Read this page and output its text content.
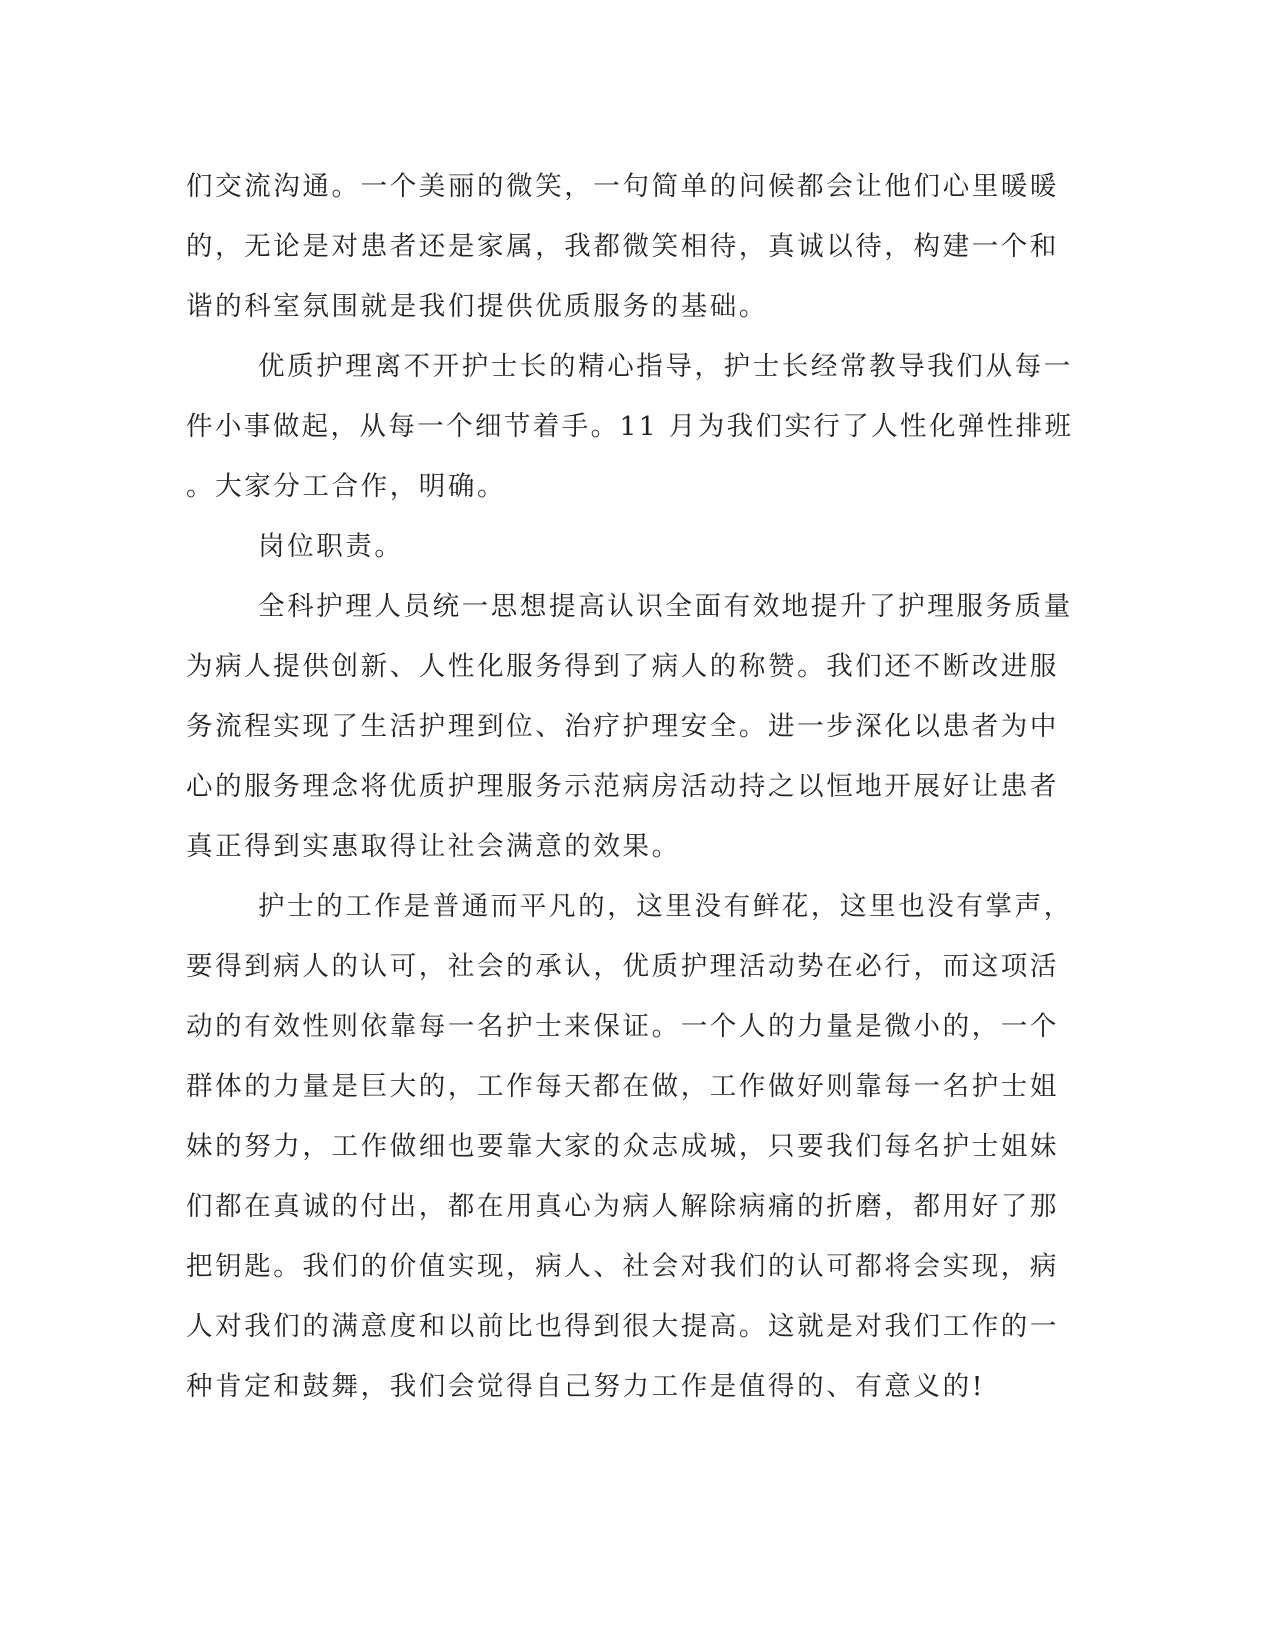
们交流沟通。一个美丽的微笑，一句简单的问候都会让他们心里暖暖
的，无论是对患者还是家属，我都微笑相待，真诚以待，构建一个和
谐的科室氛围就是我们提供优质服务的基础。
优质护理离不开护士长的精心指导，护士长经常教导我们从每一
件小事做起，从每一个细节着手。11 月为我们实行了人性化弹性排班
。大家分工合作，明确。
岗位职责。
全科护理人员统一思想提高认识全面有效地提升了护理服务质量
为病人提供创新、人性化服务得到了病人的称赞。我们还不断改进服
务流程实现了生活护理到位、治疗护理安全。进一步深化以患者为中
心的服务理念将优质护理服务示范病房活动持之以恒地开展好让患者
真正得到实惠取得让社会满意的效果。
护士的工作是普通而平凡的，这里没有鲜花，这里也没有掌声，
要得到病人的认可，社会的承认，优质护理活动势在必行，而这项活
动的有效性则依靠每一名护士来保证。一个人的力量是微小的，一个
群体的力量是巨大的，工作每天都在做，工作做好则靠每一名护士姐
妹的努力，工作做细也要靠大家的众志成城，只要我们每名护士姐妹
们都在真诚的付出，都在用真心为病人解除病痛的折磨，都用好了那
把钥匙。我们的价值实现，病人、社会对我们的认可都将会实现，病
人对我们的满意度和以前比也得到很大提高。这就是对我们工作的一
种肯定和鼓舞，我们会觉得自己努力工作是值得的、有意义的!
